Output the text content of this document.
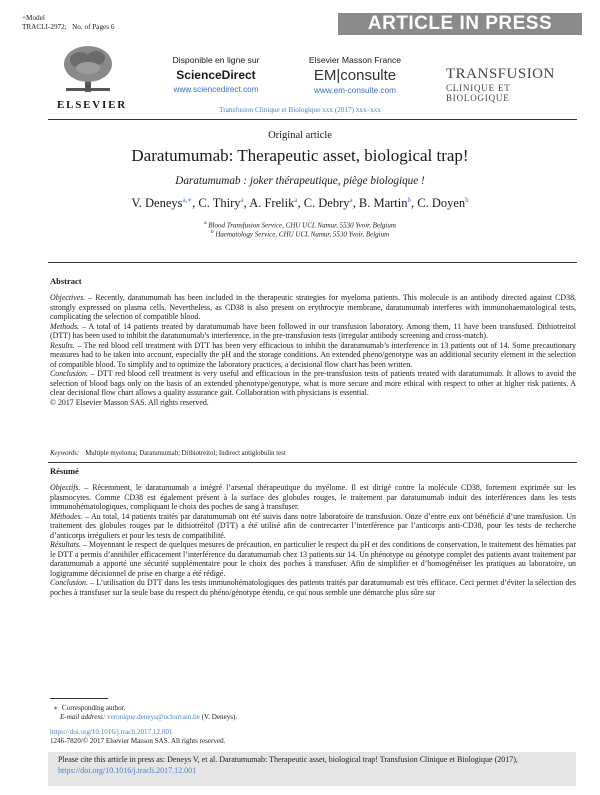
+Model
TRACLI-2972; No. of Pages 6	ARTICLE IN PRESS
ELSEVIER
Disponible en ligne sur
ScienceDirect
www.sciencedirect.com
Elsevier Masson France
EM|consulte
www.em-consulte.com
TRANSFUSION
CLINIQUE ET BIOLOGIQUE
Transfusion Clinique et Biologique xxx (2017) xxx–xxx
Original article
Daratumumab: Therapeutic asset, biological trap!
Daratumumab : joker thérapeutique, piège biologique !
V. Deneys$^{a,∗}$, C. Thiry$^a$, A. Frelik$^a$, C. Debry$^a$, B. Martin$^b$, C. Doyen$^b$
$^a$ Blood Transfusion Service, CHU UCL Namur, 5530 Yvoir, Belgium
$^b$ Haematology Service, CHU UCL Namur, 5530 Yvoir, Belgium
Abstract
Objectives. – Recently, daratumumab has been included in the therapeutic strategies for myeloma patients. This molecule is an antibody directed against CD38, strongly expressed on plasma cells. Nevertheless, as CD38 is also present on erythrocyte membrane, daratumumab interferes with immunohaematological tests, complicating the selection of compatible blood.
Methods. – A total of 14 patients treated by daratumumab have been followed in our transfusion laboratory. Among them, 11 have been transfused. Dithiotreitol (DTT) has been used to inhibit the daratumumab’s interference, in the pre-transfusion tests (irregular antibody screening and cross-match).
Results. – The red blood cell treatment with DTT has been very efficacious to inhibit the daratumumab’s interference in 13 patients out of 14. Some precautionary measures had to be taken into account, especially the pH and the storage conditions. An extended pheno/genotype was an additional security element in the selection of compatible blood. To simplify and to optimize the laboratory practices, a decisional flow chart has been written.
Conclusion. – DTT red blood cell treatment is very useful and efficacious in the pre-transfusion tests of patients treated with daratumumab. It allows to avoid the selection of blood bags only on the basis of an extended phenotype/genotype, what is more secure and more ethical with respect to other at higher risk patients. A clear decisional flow chart allows a quality assurance gait. Collaboration with physicians is essential.
© 2017 Elsevier Masson SAS. All rights reserved.
Keywords: Multiple myeloma; Daratumumab; Dithiotreitol; Indirect antiglobulin test
Résumé
Objectifs. – Récemment, le daratumumab a intégré l’arsenal thérapeutique du myélome. Il est dirigé contre la molécule CD38, fortement exprimée sur les plasmocytes. Comme CD38 est également présent à la surface des globules rouges, le traitement par daratumumab induit des interférences dans les tests immunohématologiques, compliquant le choix des poches de sang à transfuser.
Méthodes. – Au total, 14 patients traités par daratumumab ont été suivis dans notre laboratoire de transfusion. Onze d’entre eux ont bénéficié d’une transfusion. Un traitement des globules rouges par le dithiotréitol (DTT) a été utilisé afin de contrecarrer l’interférence par l’anticorps anti-CD38, pour les tests de recherche d’anticorps irréguliers et pour les tests de compatibilité.
Résultats. – Moyennant le respect de quelques mesures de précaution, en particulier le respect du pH et des conditions de conservation, le traitement des hématies par le DTT a permis d’annihiler efficacement l’interférence du daratumumab chez 13 patients sur 14. Un phénotype ou génotype complet des patients avant traitement par daratumumab a apporté une sécurité supplémentaire pour le choix des poches à transfuser. Afin de simplifier et d’homogénéiser les pratiques au laboratoire, un logigramme décisionnel de prise en charge a été rédigé.
Conclusion. – L’utilisation du DTT dans les tests immunohématologiques des patients traités par daratumumab est très efficace. Ceci permet d’éviter la sélection des poches à transfuser sur la seule base du respect du phéno/génotype étendu, ce qui nous semble une démarche plus sûre sur
∗  Corresponding author.
E-mail address: veronique.deneys@uclouvain.be (V. Deneys).
https://doi.org/10.1016/j.tracli.2017.12.001
1246-7820/© 2017 Elsevier Masson SAS. All rights reserved.
Please cite this article in press as: Deneys V, et al. Daratumumab: Therapeutic asset, biological trap! Transfusion Clinique et Biologique (2017),
https://doi.org/10.1016/j.tracli.2017.12.001
